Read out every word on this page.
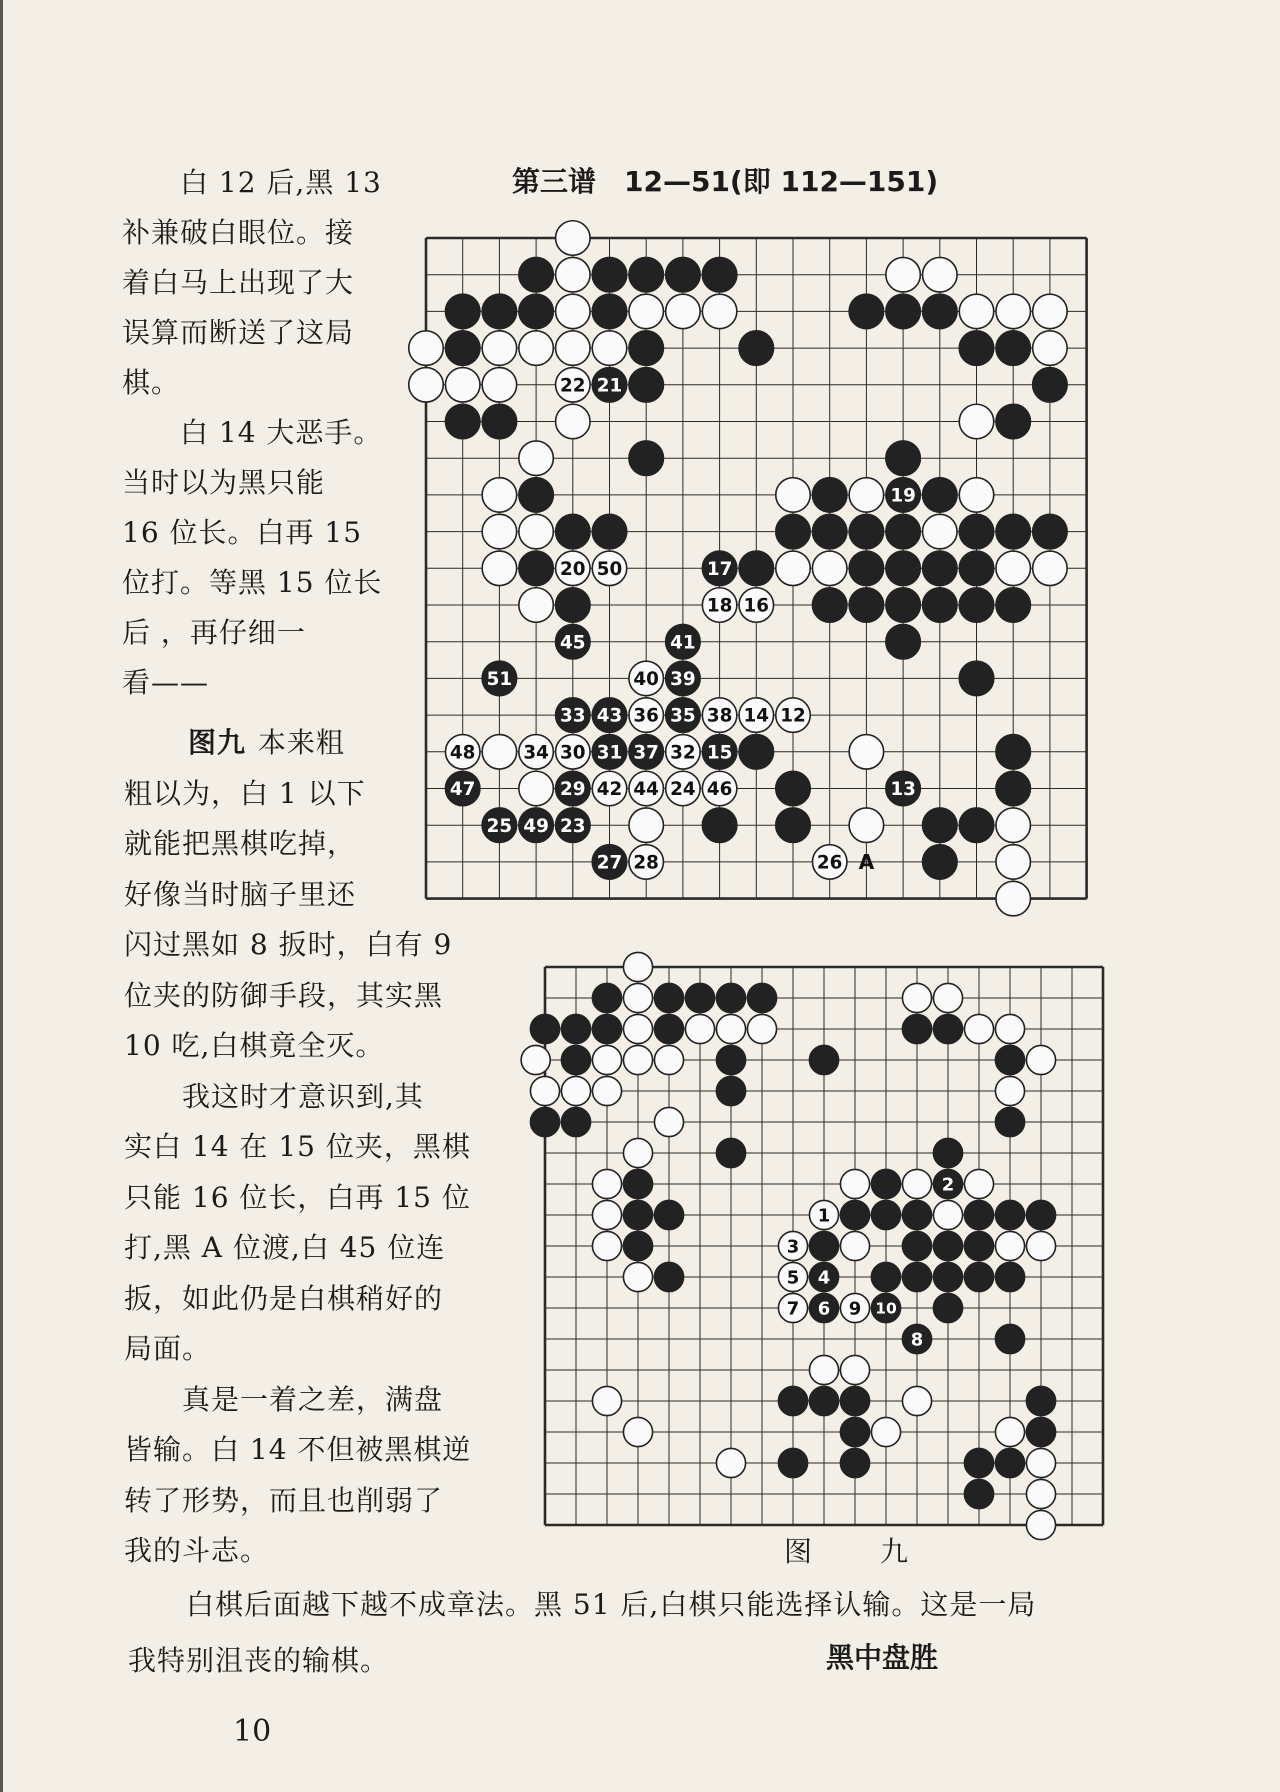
第三谱　12—51(即 112—151)
22 21
19
20 50	17
18 16
45	41
51	40 39
33 43 36 35 38 14 12
48	34 30 31 37 32 15
47	29 42 44 24 46	13
25 49 23
27 28	26 A
2
1
3
5 4
7 6 9 10
8
图　九
黑中盘胜
10
白 12 后,黑 13
补兼破白眼位。接
着白马上出现了大
误算而断送了这局
棋。
白 14 大恶手。
当时以为黑只能
16 位长。白再 15
位打。等黑 15 位长
后 ，再仔细一
看——
图九 本来粗
粗以为，白 1 以下
就能把黑棋吃掉，
好像当时脑子里还
闪过黑如 8 扳时，白有 9
位夹的防御手段，其实黑
10 吃,白棋竟全灭。
我这时才意识到,其
实白 14 在 15 位夹，黑棋
只能 16 位长，白再 15 位
打,黑 A 位渡,白 45 位连
扳，如此仍是白棋稍好的
局面。
真是一着之差，满盘
皆输。白 14 不但被黑棋逆
转了形势，而且也削弱了
我的斗志。
白棋后面越下越不成章法。黑 51 后,白棋只能选择认输。这是一局
我特别沮丧的输棋。
